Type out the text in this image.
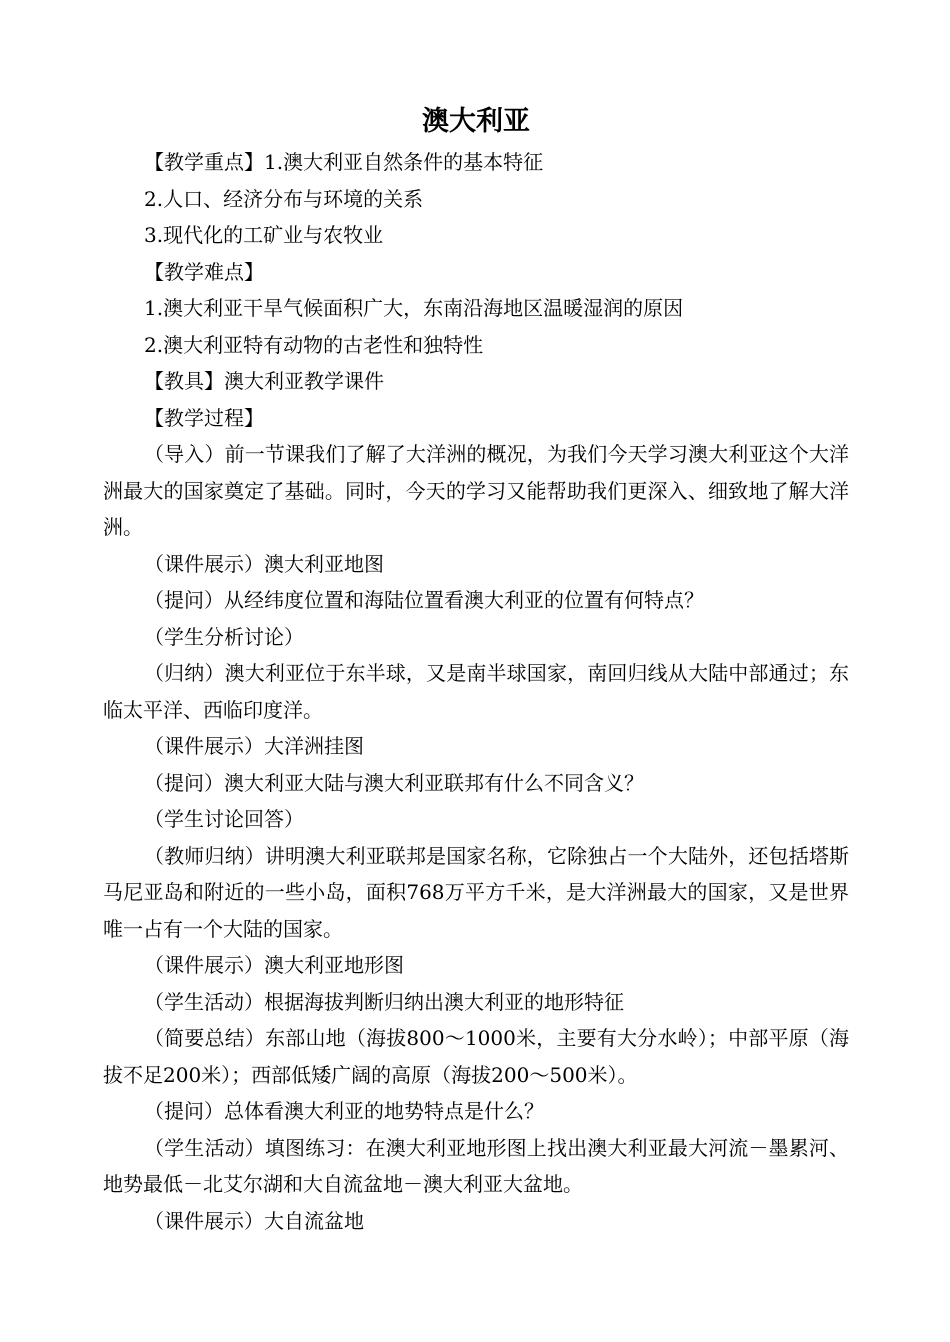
澳大利亚

【教学重点】1.澳大利亚自然条件的基本特征

2.人口、经济分布与环境的关系

3.现代化的工矿业与农牧业

【教学难点】

1.澳大利亚干旱气候面积广大，东南沿海地区温暖湿润的原因

2.澳大利亚特有动物的古老性和独特性

【教具】澳大利亚教学课件

【教学过程】

（导入）前一节课我们了解了大洋洲的概况，为我们今天学习澳大利亚这个大洋洲最大的国家奠定了基础。同时，今天的学习又能帮助我们更深入、细致地了解大洋洲。

（课件展示）澳大利亚地图

（提问）从经纬度位置和海陆位置看澳大利亚的位置有何特点？

（学生分析讨论）

（归纳）澳大利亚位于东半球，又是南半球国家，南回归线从大陆中部通过；东临太平洋、西临印度洋。

（课件展示）大洋洲挂图

（提问）澳大利亚大陆与澳大利亚联邦有什么不同含义？

（学生讨论回答）

（教师归纳）讲明澳大利亚联邦是国家名称，它除独占一个大陆外，还包括塔斯马尼亚岛和附近的一些小岛，面积768万平方千米，是大洋洲最大的国家，又是世界唯一占有一个大陆的国家。

（课件展示）澳大利亚地形图

（学生活动）根据海拔判断归纳出澳大利亚的地形特征

（简要总结）东部山地（海拔800～1000米，主要有大分水岭）；中部平原（海拔不足200米）；西部低矮广阔的高原（海拔200～500米）。

（提问）总体看澳大利亚的地势特点是什么？

（学生活动）填图练习：在澳大利亚地形图上找出澳大利亚最大河流－墨累河、地势最低－北艾尔湖和大自流盆地－澳大利亚大盆地。

（课件展示）大自流盆地
